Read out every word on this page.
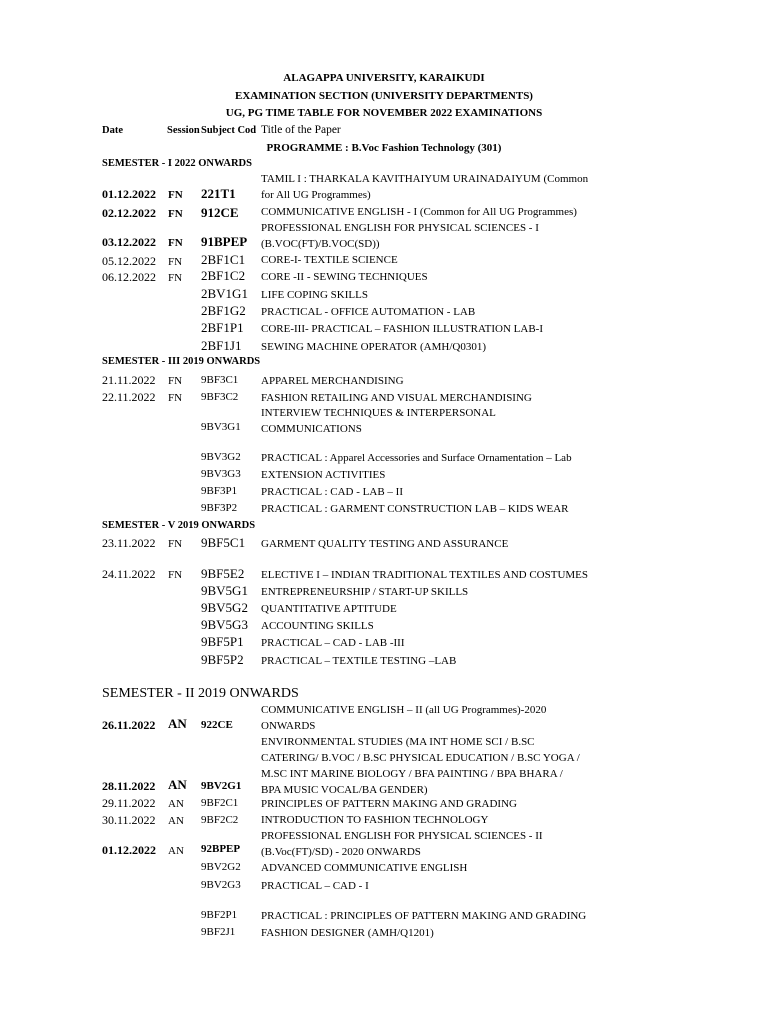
ALAGAPPA UNIVERSITY, KARAIKUDI
EXAMINATION SECTION (UNIVERSITY DEPARTMENTS)
UG, PG TIME TABLE FOR NOVEMBER 2022 EXAMINATIONS
Date	Session Subject Cod Title of the Paper
PROGRAMME : B.Voc Fashion Technology (301)
SEMESTER - I 2022 ONWARDS
01.12.2022 FN 221T1
TAMIL I : THARKALA KAVITHAIYUM URAINADAIYUM (Common
for All UG Programmes)
02.12.2022 FN 912CE COMMUNICATIVE ENGLISH - I (Common for All UG Programmes)
03.12.2022 FN 91BPEP
PROFESSIONAL ENGLISH FOR PHYSICAL SCIENCES - I
(B.VOC(FT)/B.VOC(SD))
05.12.2022 FN 2BF1C1 CORE-I- TEXTILE SCIENCE
06.12.2022 FN 2BF1C2 CORE -II - SEWING TECHNIQUES
2BV1G1 LIFE COPING SKILLS
2BF1G2 PRACTICAL - OFFICE AUTOMATION - LAB
2BF1P1 CORE-III- PRACTICAL – FASHION ILLUSTRATION LAB-I
2BF1J1 SEWING MACHINE OPERATOR (AMH/Q0301)
SEMESTER - III 2019 ONWARDS
21.11.2022 FN 9BF3C1 APPAREL MERCHANDISING
22.11.2022 FN 9BF3C2 FASHION RETAILING AND VISUAL MERCHANDISING
9BV3G1
INTERVIEW TECHNIQUES & INTERPERSONAL
COMMUNICATIONS
9BV3G2 PRACTICAL : Apparel Accessories and Surface Ornamentation – Lab
9BV3G3 EXTENSION ACTIVITIES
9BF3P1 PRACTICAL : CAD - LAB – II
9BF3P2 PRACTICAL : GARMENT CONSTRUCTION LAB – KIDS WEAR
SEMESTER - V 2019 ONWARDS
23.11.2022 FN 9BF5C1 GARMENT QUALITY TESTING AND ASSURANCE
24.11.2022 FN 9BF5E2 ELECTIVE I – INDIAN TRADITIONAL TEXTILES AND COSTUMES
9BV5G1 ENTREPRENEURSHIP / START-UP SKILLS
9BV5G2 QUANTITATIVE APTITUDE
9BV5G3 ACCOUNTING SKILLS
9BF5P1 PRACTICAL – CAD - LAB -III
9BF5P2 PRACTICAL – TEXTILE TESTING –LAB
SEMESTER - II 2019 ONWARDS
26.11.2022 AN 922CE
COMMUNICATIVE ENGLISH – II (all UG Programmes)-2020
ONWARDS
28.11.2022 AN 9BV2G1
ENVIRONMENTAL STUDIES (MA INT HOME SCI / B.SC
CATERING/ B.VOC / B.SC PHYSICAL EDUCATION / B.SC YOGA /
M.SC INT MARINE BIOLOGY / BFA PAINTING / BPA BHARA /
BPA MUSIC VOCAL/BA GENDER)
29.11.2022 AN 9BF2C1 PRINCIPLES OF PATTERN MAKING AND GRADING
30.11.2022 AN 9BF2C2 INTRODUCTION TO FASHION TECHNOLOGY
01.12.2022 AN 92BPEP
PROFESSIONAL ENGLISH FOR PHYSICAL SCIENCES - II
(B.Voc(FT)/SD) - 2020 ONWARDS
9BV2G2 ADVANCED COMMUNICATIVE ENGLISH
9BV2G3 PRACTICAL – CAD - I
9BF2P1 PRACTICAL : PRINCIPLES OF PATTERN MAKING AND GRADING
9BF2J1 FASHION DESIGNER (AMH/Q1201)
